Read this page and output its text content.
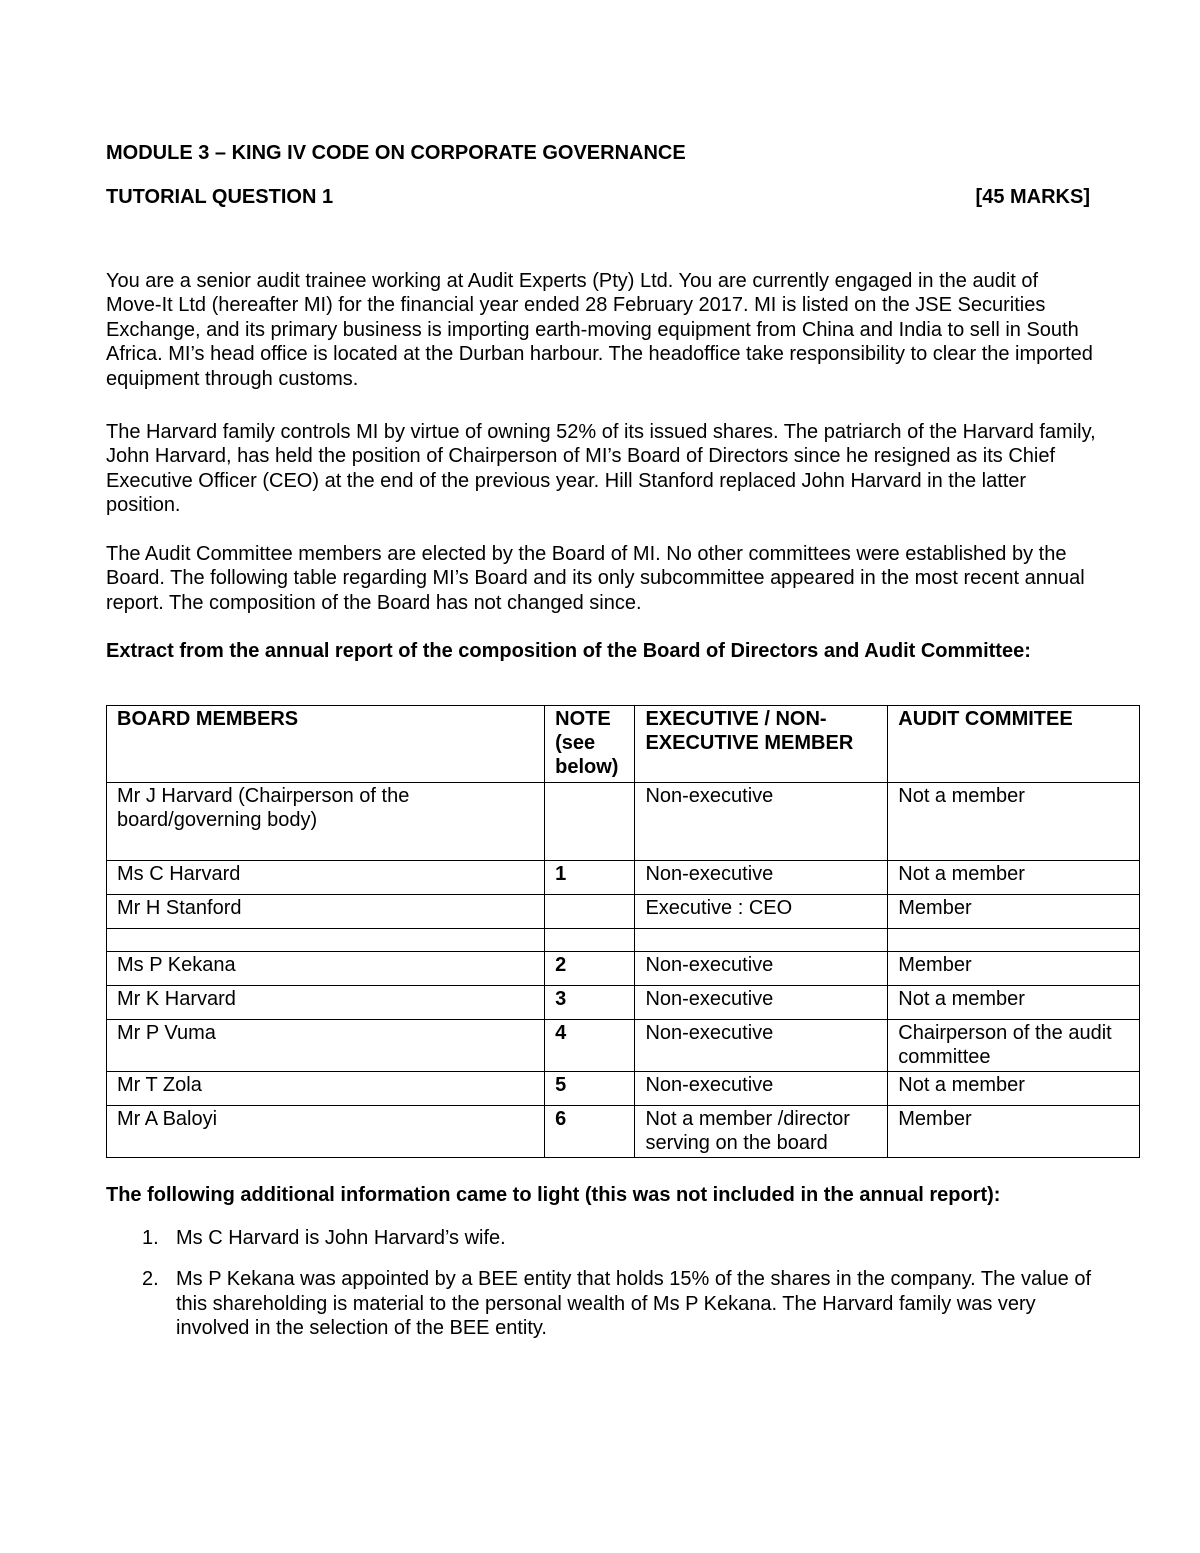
MODULE 3 – KING IV CODE ON CORPORATE GOVERNANCE
TUTORIAL QUESTION 1	[45 MARKS]

You are a senior audit trainee working at Audit Experts (Pty) Ltd. You are currently engaged in the audit of Move-It Ltd (hereafter MI) for the financial year ended 28 February 2017. MI is listed on the JSE Securities Exchange, and its primary business is importing earth-moving equipment from China and India to sell in South Africa. MI’s head office is located at the Durban harbour. The headoffice take responsibility to clear the imported equipment through customs.

The Harvard family controls MI by virtue of owning 52% of its issued shares. The patriarch of the Harvard family, John Harvard, has held the position of Chairperson of MI’s Board of Directors since he resigned as its Chief Executive Officer (CEO) at the end of the previous year. Hill Stanford replaced John Harvard in the latter position.

The Audit Committee members are elected by the Board of MI. No other committees were established by the Board. The following table regarding MI’s Board and its only subcommittee appeared in the most recent annual report. The composition of the Board has not changed since.

Extract from the annual report of the composition of the Board of Directors and Audit Committee:

BOARD MEMBERS	NOTE (see below)	EXECUTIVE / NON-EXECUTIVE MEMBER	AUDIT COMMITEE
Mr J Harvard (Chairperson of the board/governing body)		Non-executive	Not a member
Ms C Harvard	1	Non-executive	Not a member
Mr H Stanford		Executive : CEO	Member

Ms P Kekana	2	Non-executive	Member
Mr K Harvard	3	Non-executive	Not a member
Mr P Vuma	4	Non-executive	Chairperson of the audit committee
Mr T Zola	5	Non-executive	Not a member
Mr A Baloyi	6	Not a member /director serving on the board	Member

The following additional information came to light (this was not included in the annual report):

1. Ms C Harvard is John Harvard’s wife.
2. Ms P Kekana was appointed by a BEE entity that holds 15% of the shares in the company. The value of this shareholding is material to the personal wealth of Ms P Kekana. The Harvard family was very involved in the selection of the BEE entity.
